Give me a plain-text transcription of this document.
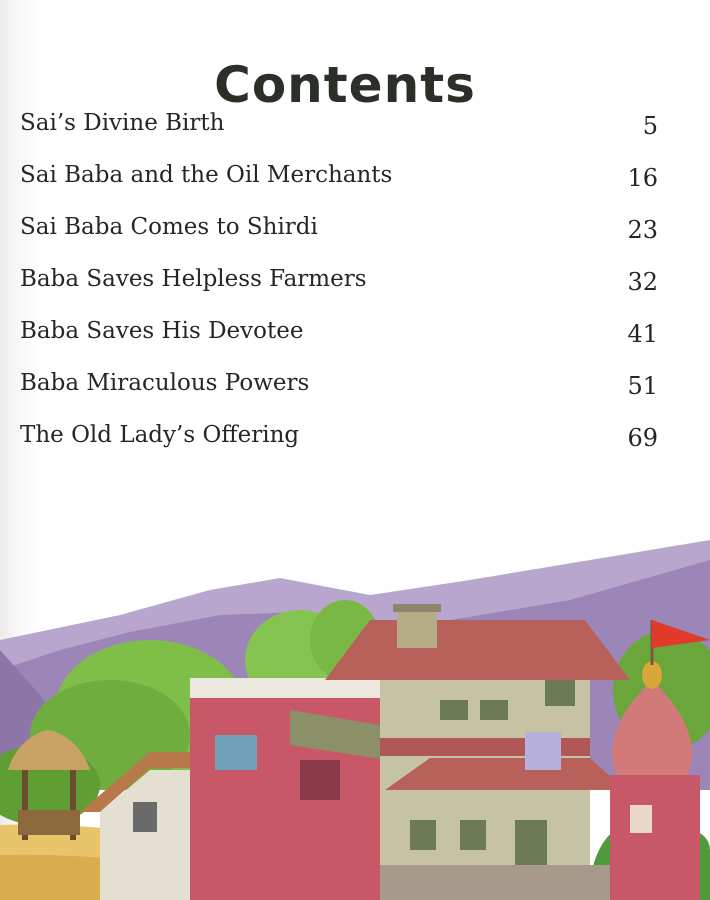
Contents
Sai’s Divine Birth	5
Sai Baba and the Oil Merchants	16
Sai Baba Comes to Shirdi	23
Baba Saves Helpless Farmers	32
Baba Saves His Devotee	41
Baba Miraculous Powers	51
The Old Lady’s Offering	69
